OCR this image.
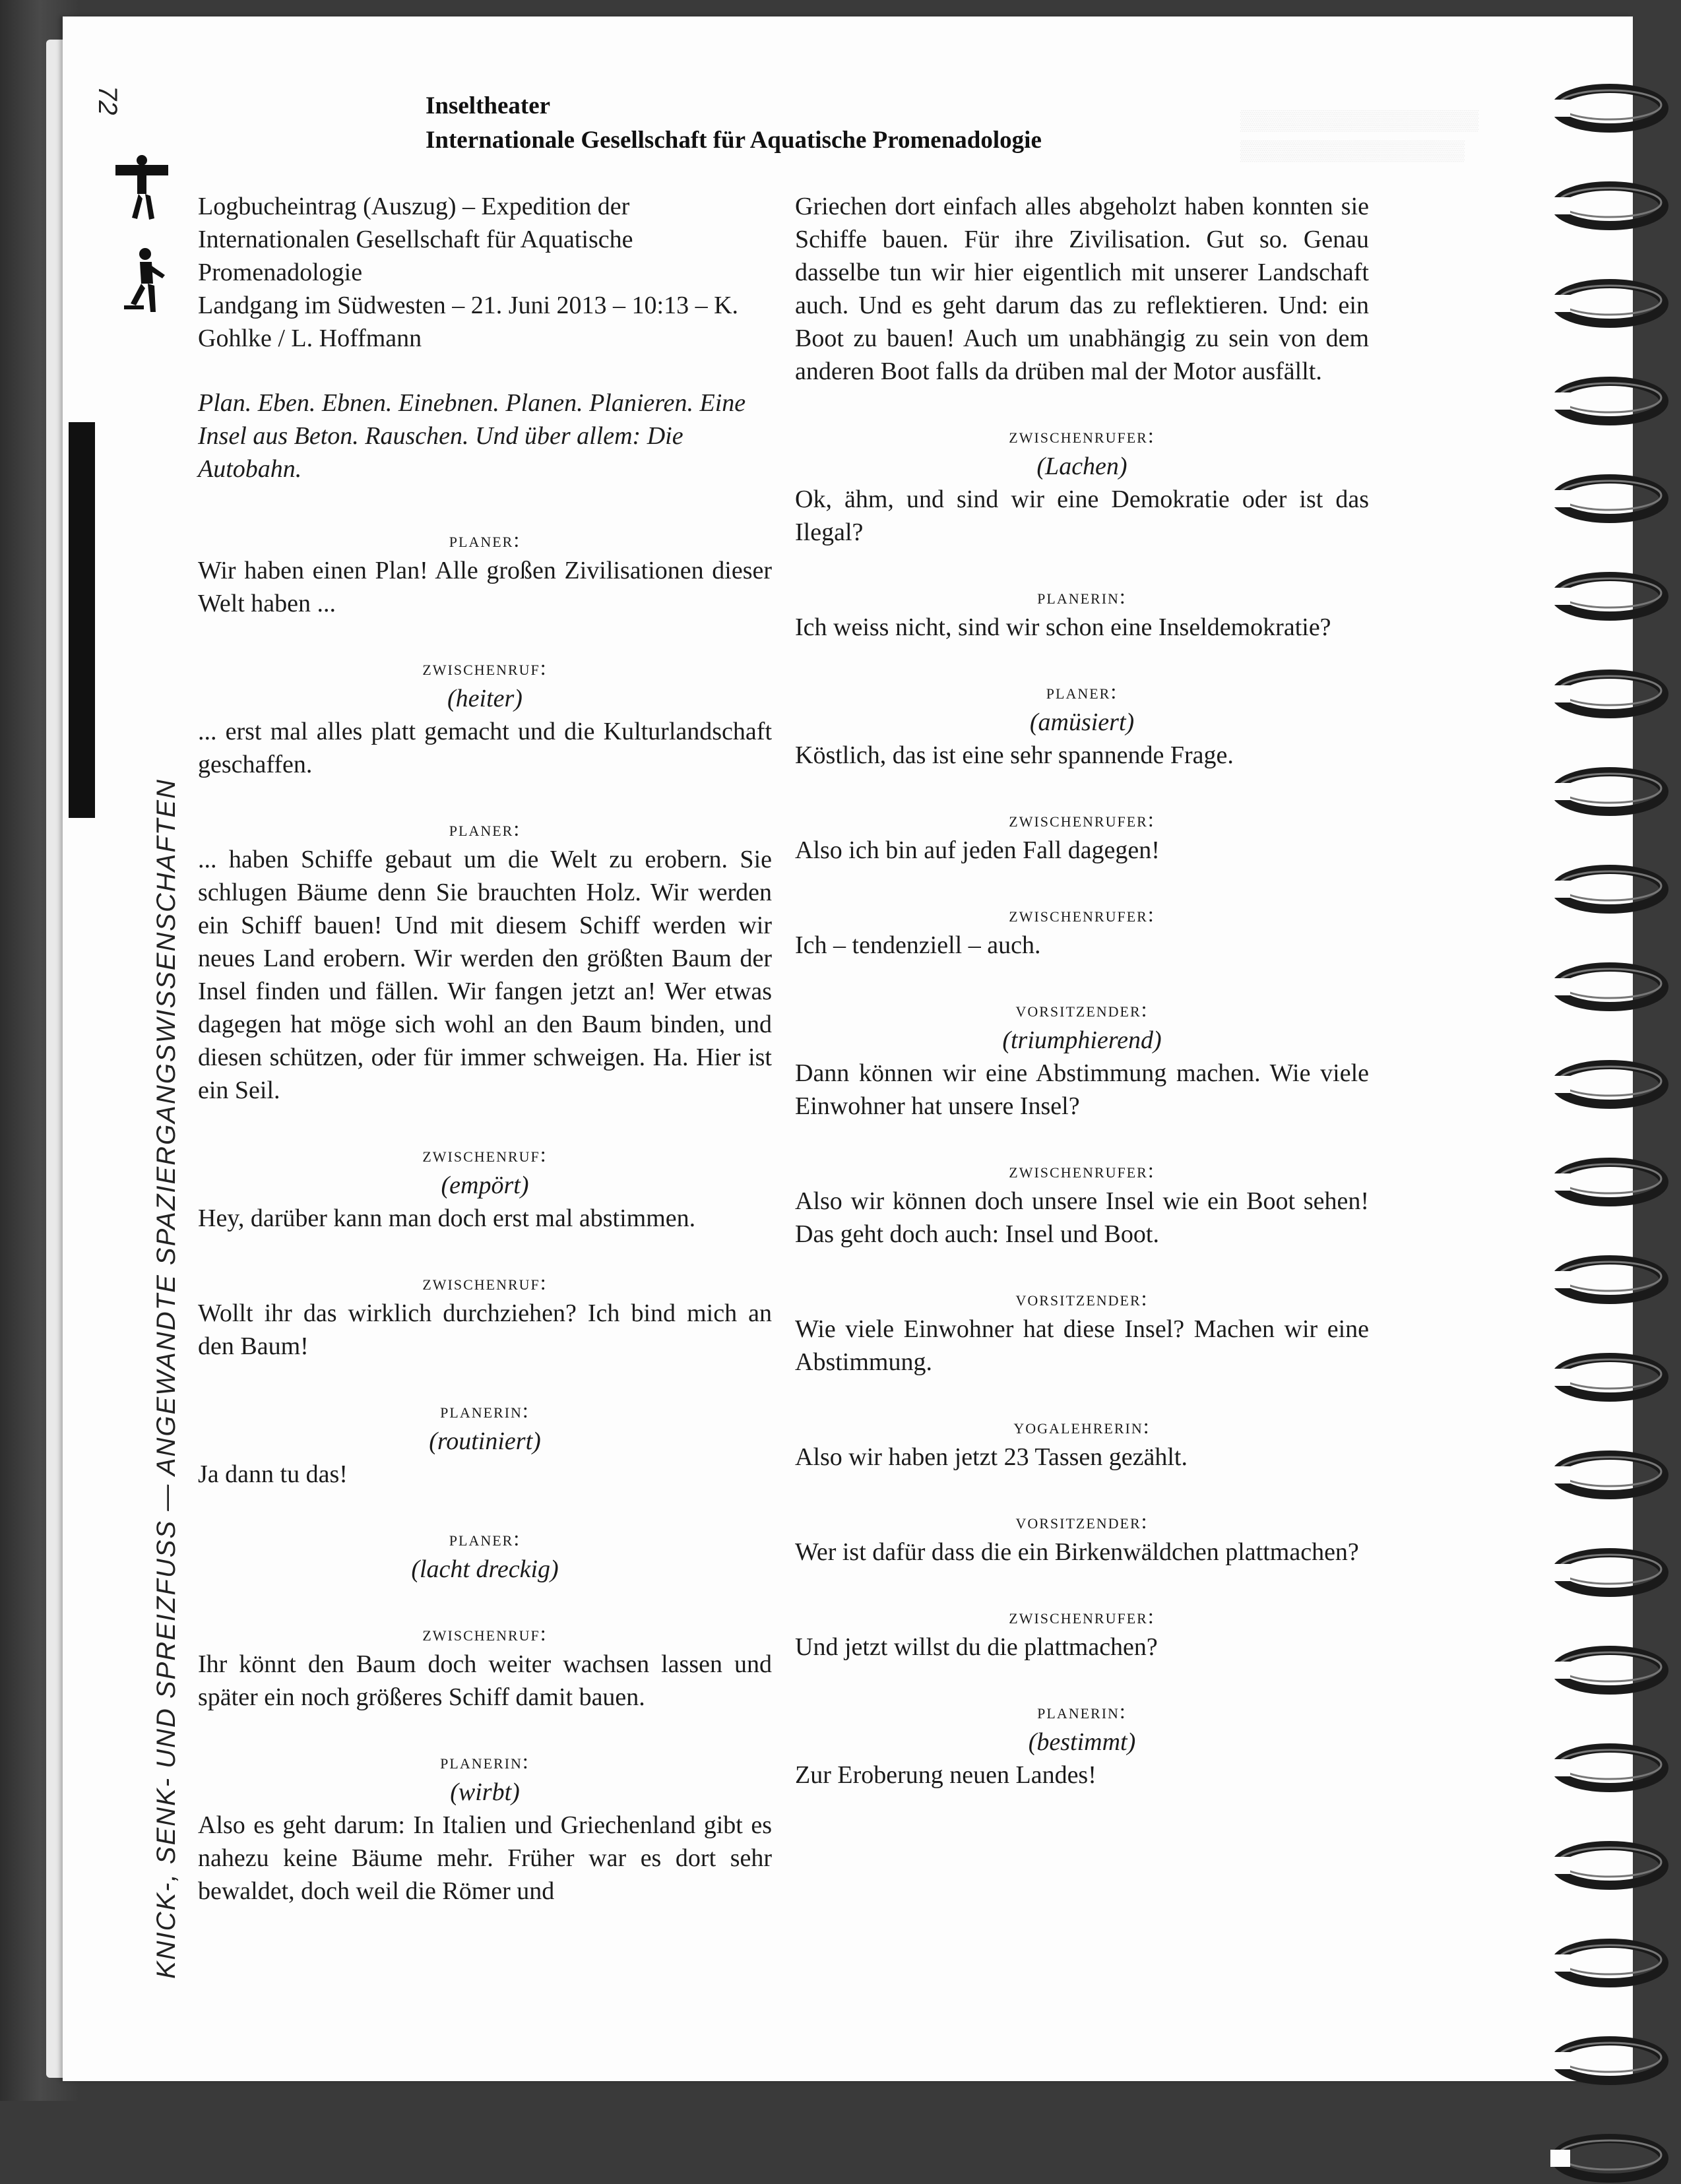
72
KNICK-, SENK- UND SPREIZFUSS — ANGEWANDTE SPAZIERGANGSWISSENSCHAFTEN
▒▒▒▒▒▒▒▒▒▒▒▒▒▒▒▒▒
▒▒▒▒▒▒▒▒▒▒▒▒▒▒▒▒
Inseltheater
Internationale Gesellschaft für Aquatische Promenadologie

Logbucheintrag (Auszug) – Expedition der Internationalen Gesellschaft für Aquatische Promenadologie
Landgang im Südwesten – 21. Juni 2013 – 10:13 – K. Gohlke / L. Hoffmann

Plan. Eben. Ebnen. Einebnen. Planen. Planieren. Eine Insel aus Beton. Rauschen. Und über allem: Die Autobahn.

planer:

Wir haben einen Plan! Alle großen Zivilisationen dieser Welt haben ...

zwischenruf:

(heiter)

... erst mal alles platt gemacht und die Kulturlandschaft geschaffen.

planer:

... haben Schiffe gebaut um die Welt zu erobern. Sie schlugen Bäume denn Sie brauchten Holz. Wir werden ein Schiff bauen! Und mit diesem Schiff werden wir neues Land erobern. Wir werden den größten Baum der Insel finden und fällen. Wir fangen jetzt an! Wer etwas dagegen hat möge sich wohl an den Baum binden, und diesen schützen, oder für immer schweigen. Ha. Hier ist ein Seil.

zwischenruf:

(empört)

Hey, darüber kann man doch erst mal abstimmen.

zwischenruf:

Wollt ihr das wirklich durchziehen? Ich bind mich an den Baum!

planerin:

(routiniert)

Ja dann tu das!

planer:

(lacht dreckig)

zwischenruf:

Ihr könnt den Baum doch weiter wachsen lassen und später ein noch größeres Schiff damit bauen.

planerin:

(wirbt)

Also es geht darum: In Italien und Griechenland gibt es nahezu keine Bäume mehr. Früher war es dort sehr bewaldet, doch weil die Römer und

Griechen dort einfach alles abgeholzt haben konnten sie Schiffe bauen. Für ihre Zivilisation. Gut so. Genau dasselbe tun wir hier eigentlich mit unserer Landschaft auch. Und es geht darum das zu reflektieren. Und: ein Boot zu bauen! Auch um unabhängig zu sein von dem anderen Boot falls da drüben mal der Motor ausfällt.

zwischenrufer:

(Lachen)

Ok, ähm, und sind wir eine Demokratie oder ist das Ilegal?

planerin:

Ich weiss nicht, sind wir schon eine Inseldemokratie?

planer:

(amüsiert)

Köstlich, das ist eine sehr spannende Frage.

zwischenrufer:

Also ich bin auf jeden Fall dagegen!

zwischenrufer:

Ich – tendenziell – auch.

vorsitzender:

(triumphierend)

Dann können wir eine Abstimmung machen. Wie viele Einwohner hat unsere Insel?

zwischenrufer:

Also wir können doch unsere Insel wie ein Boot sehen! Das geht doch auch: Insel und Boot.

vorsitzender:

Wie viele Einwohner hat diese Insel? Machen wir eine Abstimmung.

yogalehrerin:

Also wir haben jetzt 23 Tassen gezählt.

vorsitzender:

Wer ist dafür dass die ein Birkenwäldchen plattmachen?

zwischenrufer:

Und jetzt willst du die plattmachen?

planerin:

(bestimmt)

Zur Eroberung neuen Landes!
